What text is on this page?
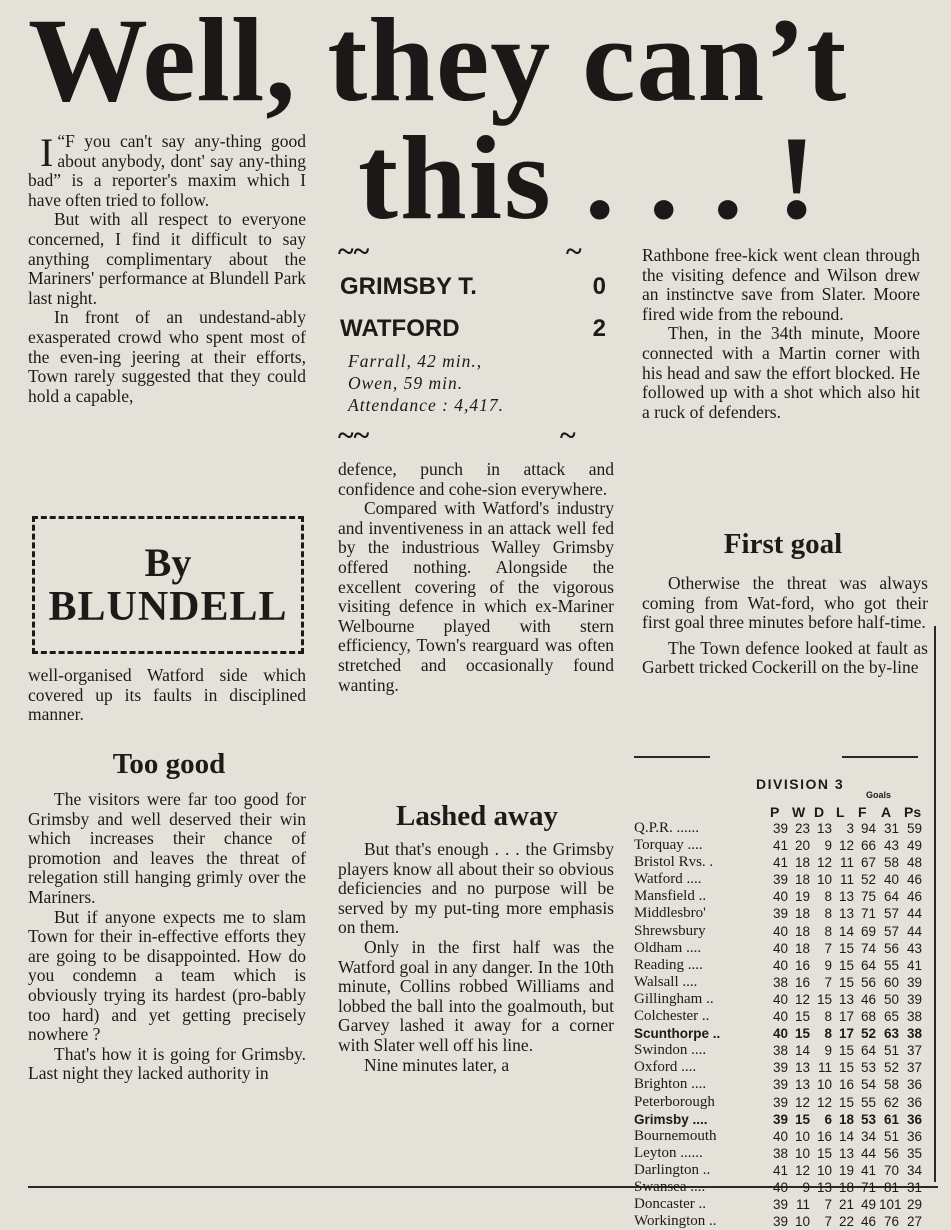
Well, they can’t
this . . . !

“
I F you can't say any-thing good about anybody, dont' say any-thing bad” is a reporter's maxim which I have often tried to follow.

But with all respect to everyone concerned, I find it difficult to say anything complimentary about the Mariners' performance at Blundell Park last night.

In front of an undestand-ably exasperated crowd who spent most of the even-ing jeering at their efforts, Town rarely suggested that they could hold a capable,

By
BLUNDELL

well-organised Watford side which covered up its faults in disciplined manner.

Too good

The visitors were far too good for Grimsby and well deserved their win which increases their chance of promotion and leaves the threat of relegation still hanging grimly over the Mariners.

But if anyone expects me to slam Town for their in-effective efforts they are going to be disappointed. How do you condemn a team which is obviously trying its hardest (pro-bably too hard) and yet getting precisely nowhere ?

That's how it is going for Grimsby. Last night they lacked authority in

~~	~
GRIMSBY T.	0
WATFORD	2
Farrall, 42 min.,
Owen, 59 min.
Attendance : 4,417.
~~	~

defence, punch in attack and confidence and cohe-sion everywhere.

Compared with Watford's industry and inventiveness in an attack well fed by the industrious Walley Grimsby offered nothing. Alongside the excellent covering of the vigorous visiting defence in which ex-Mariner Welbourne played with stern efficiency, Town's rearguard was often stretched and occasionally found wanting.

Lashed away

But that's enough . . . the Grimsby players know all about their so obvious deficiencies and no purpose will be served by my put-ting more emphasis on them.

Only in the first half was the Watford goal in any danger. In the 10th minute, Collins robbed Williams and lobbed the ball into the goalmouth, but Garvey lashed it away for a corner with Slater well off his line.

Nine minutes later, a

Rathbone free-kick went clean through the visiting defence and Wilson drew an instinctve save from Slater. Moore fired wide from the rebound.

Then, in the 34th minute, Moore connected with a Martin corner with his head and saw the effort blocked. He followed up with a shot which also hit a ruck of defenders.

First goal

Otherwise the threat was always coming from Wat-ford, who got their first goal three minutes before half-time.

The Town defence looked at fault as Garbett tricked Cockerill on the by-line

DIVISION 3
Goals
P W D L F A Ps
Q.P.R. ......	39 23 13	3 94 31 59
Torquay ....	41 20	9 12 66 43 49
Bristol Rvs. .	41 18 12 11 67 58 48
Watford ....	39 18 10 11 52 40 46
Mansfield ..	40 19	8 13 75 64 46
Middlesbro'	39 18	8 13 71 57 44
Shrewsbury	40 18	8 14 69 57 44
Oldham ....	40 18	7 15 74 56 43
Reading ....	40 16	9 15 64 55 41
Walsall ....	38 16	7 15 56 60 39
Gillingham ..	40 12 15 13 46 50 39
Colchester ..	40 15	8 17 68 65 38
Scunthorpe ..	40 15	8 17 52 63 38
Swindon ....	38 14	9 15 64 51 37
Oxford ....	39 13 11 15 53 52 37
Brighton ....	39 13 10 16 54 58 36
Peterborough	39 12 12 15 55 62 36
Grimsby ....	39 15	6 18 53 61 36
Bournemouth	40 10 16 14 34 51 36
Leyton ......	38 10 15 13 44 56 35
Darlington ..	41 12 10 19 41 70 34
Swansea ....	40	9 13 18 71 81 31
Doncaster ..	39 11	7 21 49 101 29
Workington ..	39 10	7 22 46 76 27
